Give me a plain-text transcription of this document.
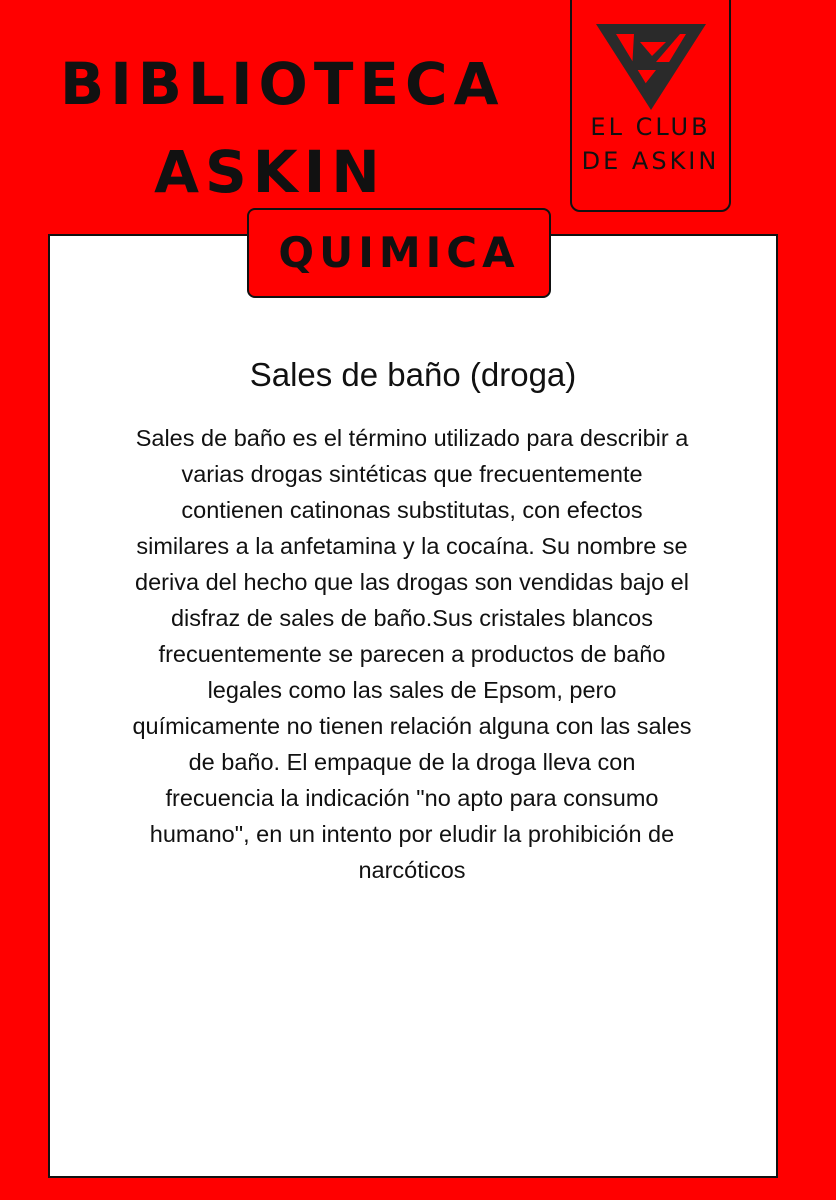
BIBLIOTECA
ASKIN
EL CLUB
DE ASKIN
QUIMICA
Sales de baño (droga)
Sales de baño es el término utilizado para describir a varias drogas sintéticas que frecuentemente contienen catinonas substitutas, con efectos similares a la anfetamina y la cocaína. Su nombre se deriva del hecho que las drogas son vendidas bajo el disfraz de sales de baño.Sus cristales blancos frecuentemente se parecen a productos de baño legales como las sales de Epsom, pero químicamente no tienen relación alguna con las sales de baño. El empaque de la droga lleva con frecuencia la indicación "no apto para consumo humano", en un intento por eludir la prohibición de narcóticos
